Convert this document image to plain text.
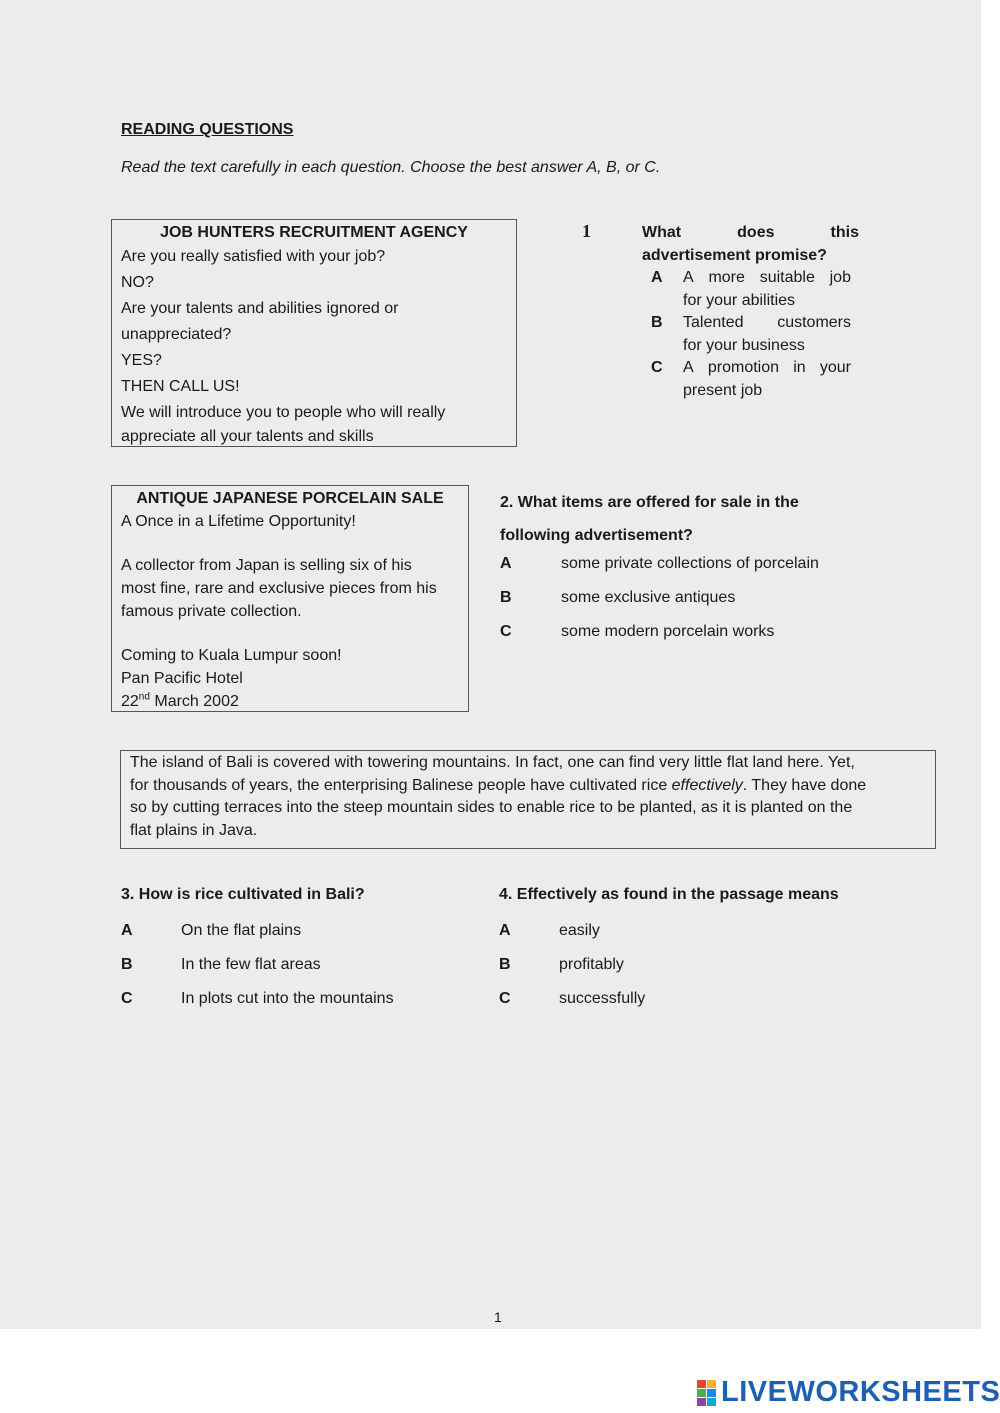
READING QUESTIONS
Read the text carefully in each question. Choose the best answer A, B, or C.
JOB HUNTERS RECRUITMENT AGENCY
Are you really satisfied with your job?
NO?
Are your talents and abilities ignored or
unappreciated?
YES?
THEN CALL US!
We will introduce you to people who will really
appreciate all your talents and skills
1	What	does	this
advertisement promise?
A A more suitable job
for your abilities
B Talented customers
for your business
C A promotion in your
present job
ANTIQUE JAPANESE PORCELAIN SALE
A Once in a Lifetime Opportunity!
A collector from Japan is selling six of his
most fine, rare and exclusive pieces from his
famous private collection.
Coming to Kuala Lumpur soon!
Pan Pacific Hotel
22nd March 2002
2. What items are offered for sale in the
following advertisement?
A	some private collections of porcelain
B	some exclusive antiques
C	some modern porcelain works
The island of Bali is covered with towering mountains. In fact, one can find very little flat land here. Yet,
for thousands of years, the enterprising Balinese people have cultivated rice effectively. They have done
so by cutting terraces into the steep mountain sides to enable rice to be planted, as it is planted on the
flat plains in Java.
3. How is rice cultivated in Bali?
A	On the flat plains
B	In the few flat areas
C	In plots cut into the mountains
4. Effectively as found in the passage means
A	easily
B	profitably
C	successfully
1
LIVEWORKSHEETS
